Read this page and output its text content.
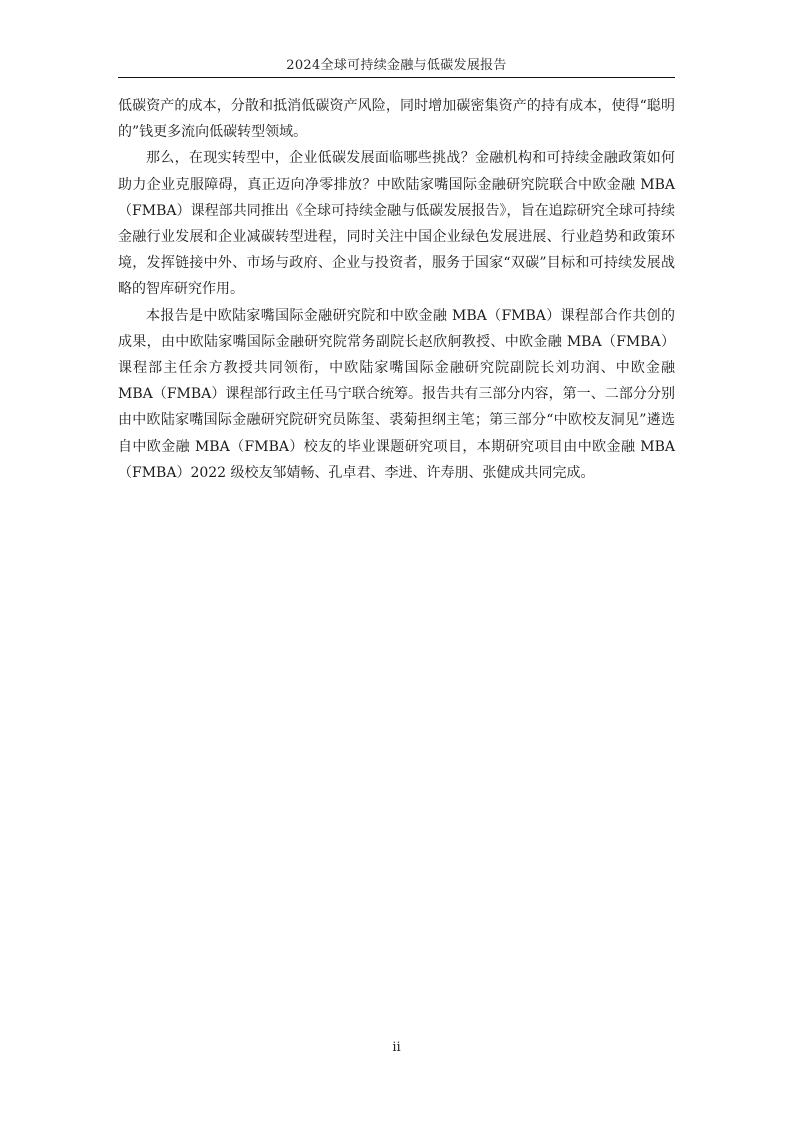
2024全球可持续金融与低碳发展报告

低碳资产的成本，分散和抵消低碳资产风险，同时增加碳密集资产的持有成本，使得“聪明的”钱更多流向低碳转型领域。

那么，在现实转型中，企业低碳发展面临哪些挑战？金融机构和可持续金融政策如何助力企业克服障碍，真正迈向净零排放？中欧陆家嘴国际金融研究院联合中欧金融 MBA（FMBA）课程部共同推出《全球可持续金融与低碳发展报告》，旨在追踪研究全球可持续金融行业发展和企业减碳转型进程，同时关注中国企业绿色发展进展、行业趋势和政策环境，发挥链接中外、市场与政府、企业与投资者，服务于国家“双碳”目标和可持续发展战略的智库研究作用。

本报告是中欧陆家嘴国际金融研究院和中欧金融 MBA（FMBA）课程部合作共创的成果，由中欧陆家嘴国际金融研究院常务副院长赵欣舸教授、中欧金融 MBA（FMBA）课程部主任余方教授共同领衔，中欧陆家嘴国际金融研究院副院长刘功润、中欧金融 MBA（FMBA）课程部行政主任马宁联合统筹。报告共有三部分内容，第一、二部分分别由中欧陆家嘴国际金融研究院研究员陈玺、裘菊担纲主笔；第三部分“中欧校友洞见”遴选自中欧金融 MBA（FMBA）校友的毕业课题研究项目，本期研究项目由中欧金融 MBA（FMBA）2022 级校友邹婧畅、孔卓君、李进、许寿朋、张健成共同完成。

ii
